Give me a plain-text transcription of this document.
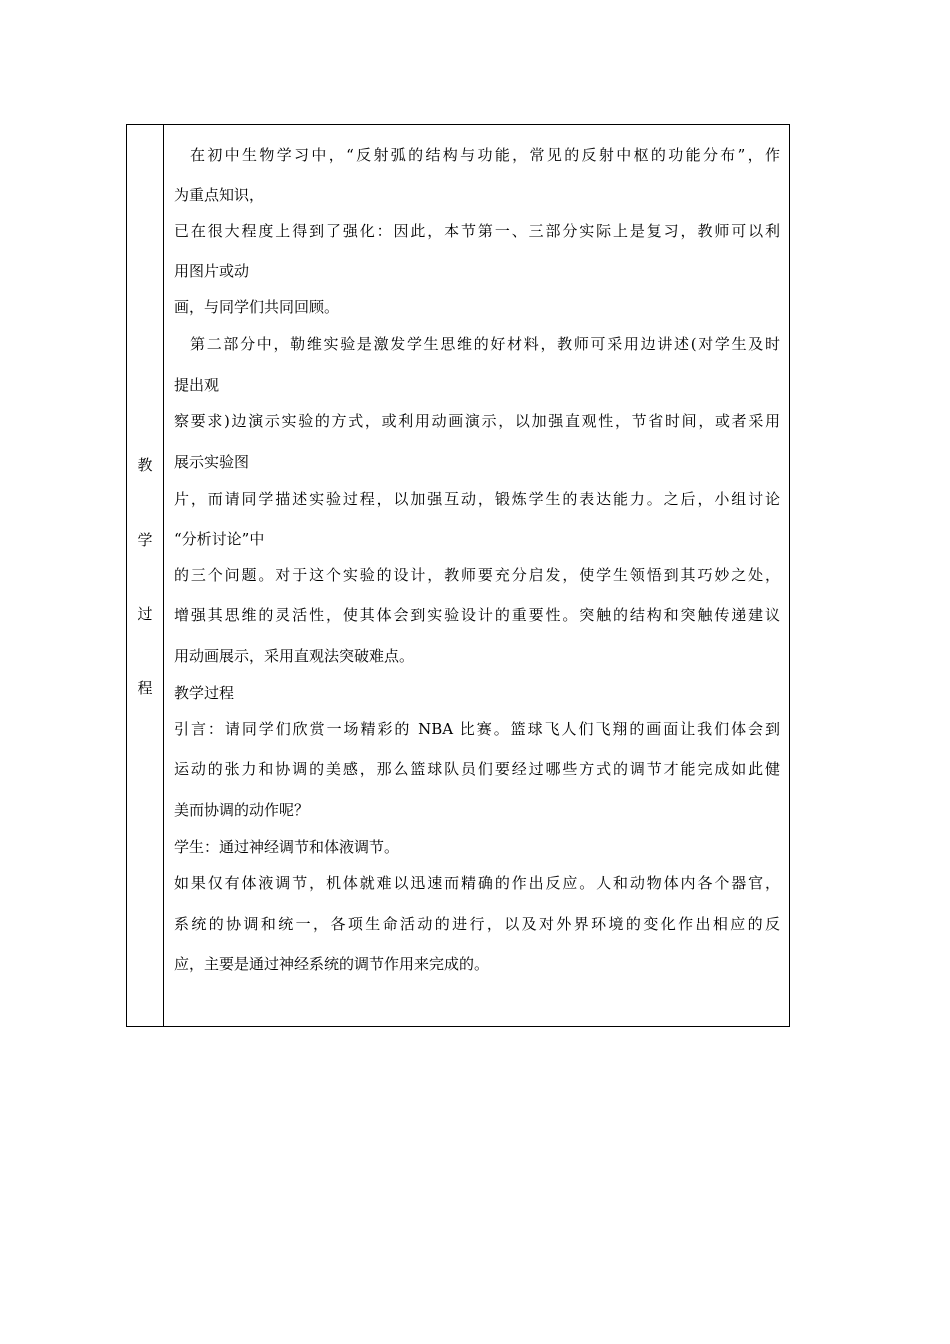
教
学
过
程
在初中生物学习中，“反射弧的结构与功能，常见的反射中枢的功能分布”，作
为重点知识，
已在很大程度上得到了强化：因此，本节第一、三部分实际上是复习，教师可以利
用图片或动
画，与同学们共同回顾。
第二部分中，勒维实验是激发学生思维的好材料，教师可采用边讲述(对学生及时
提出观
察要求)边演示实验的方式，或利用动画演示，以加强直观性，节省时间，或者采用
展示实验图
片，而请同学描述实验过程，以加强互动，锻炼学生的表达能力。之后，小组讨论
“分析讨论”中
的三个问题。对于这个实验的设计，教师要充分启发，使学生领悟到其巧妙之处，
增强其思维的灵活性，使其体会到实验设计的重要性。突触的结构和突触传递建议
用动画展示，采用直观法突破难点。
教学过程
引言：请同学们欣赏一场精彩的 NBA 比赛。篮球飞人们飞翔的画面让我们体会到
运动的张力和协调的美感，那么篮球队员们要经过哪些方式的调节才能完成如此健
美而协调的动作呢？
学生：通过神经调节和体液调节。
如果仅有体液调节，机体就难以迅速而精确的作出反应。人和动物体内各个器官，
系统的协调和统一，各项生命活动的进行，以及对外界环境的变化作出相应的反
应，主要是通过神经系统的调节作用来完成的。
